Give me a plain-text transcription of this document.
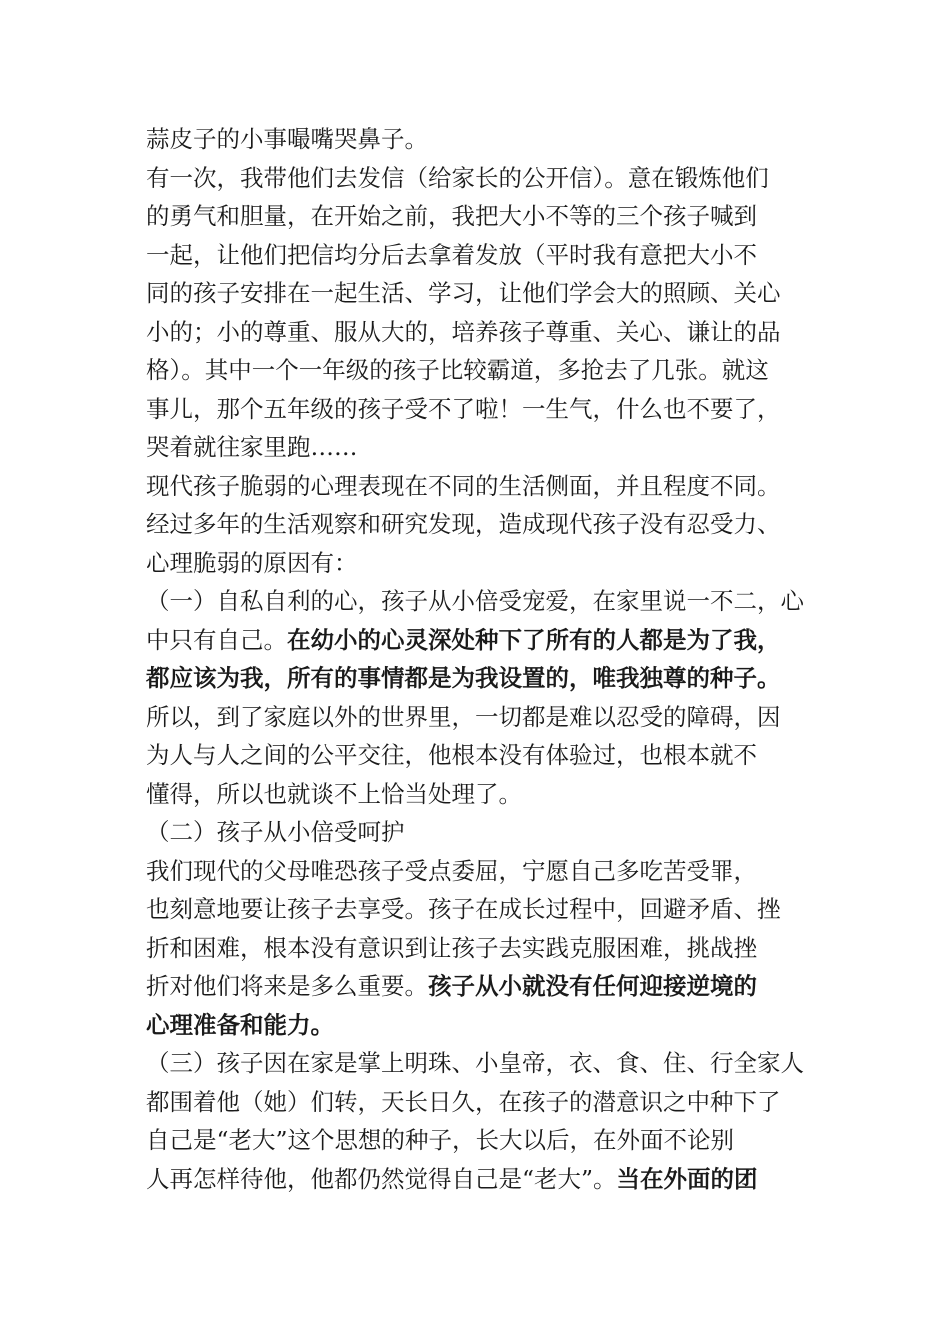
蒜皮子的小事嘬嘴哭鼻子。
有一次，我带他们去发信（给家长的公开信）。意在锻炼他们
的勇气和胆量，在开始之前，我把大小不等的三个孩子喊到
一起，让他们把信均分后去拿着发放（平时我有意把大小不
同的孩子安排在一起生活、学习，让他们学会大的照顾、关心
小的；小的尊重、服从大的，培养孩子尊重、关心、谦让的品
格）。其中一个一年级的孩子比较霸道，多抢去了几张。就这
事儿，那个五年级的孩子受不了啦！一生气，什么也不要了，
哭着就往家里跑……
现代孩子脆弱的心理表现在不同的生活侧面，并且程度不同。
经过多年的生活观察和研究发现，造成现代孩子没有忍受力、
心理脆弱的原因有：
（一）自私自利的心，孩子从小倍受宠爱，在家里说一不二，心
中只有自己。在幼小的心灵深处种下了所有的人都是为了我，
都应该为我，所有的事情都是为我设置的，唯我独尊的种子。
所以，到了家庭以外的世界里，一切都是难以忍受的障碍，因
为人与人之间的公平交往，他根本没有体验过，也根本就不
懂得，所以也就谈不上恰当处理了。
（二）孩子从小倍受呵护
我们现代的父母唯恐孩子受点委屈，宁愿自己多吃苦受罪，
也刻意地要让孩子去享受。孩子在成长过程中，回避矛盾、挫
折和困难，根本没有意识到让孩子去实践克服困难，挑战挫
折对他们将来是多么重要。孩子从小就没有任何迎接逆境的
心理准备和能力。
（三）孩子因在家是掌上明珠、小皇帝，衣、食、住、行全家人
都围着他（她）们转，天长日久，在孩子的潜意识之中种下了
自己是“老大”这个思想的种子，长大以后，在外面不论别
人再怎样待他，他都仍然觉得自己是“老大”。当在外面的团
